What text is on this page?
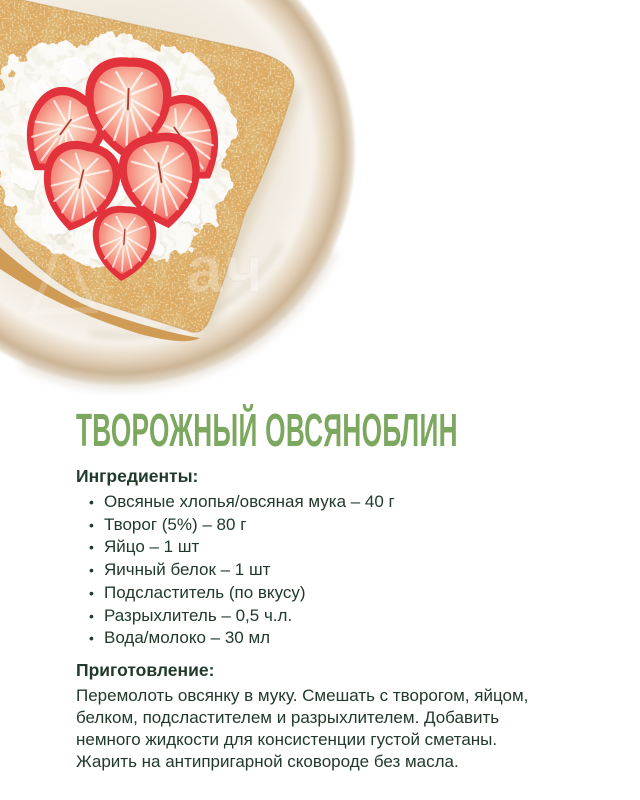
ач
ТВОРОЖНЫЙ ОВСЯНОБЛИН
Ингредиенты:
• Овсяные хлопья/овсяная мука – 40 г
• Творог (5%) – 80 г
• Яйцо – 1 шт
• Яичный белок – 1 шт
• Подсластитель (по вкусу)
• Разрыхлитель – 0,5 ч.л.
• Вода/молоко – 30 мл
Приготовление:

Перемолоть овсянку в муку. Смешать с творогом, яйцом, белком, подсластителем и разрыхлителем. Добавить немного жидкости для консистенции густой сметаны. Жарить на антипригарной сковороде без масла.
